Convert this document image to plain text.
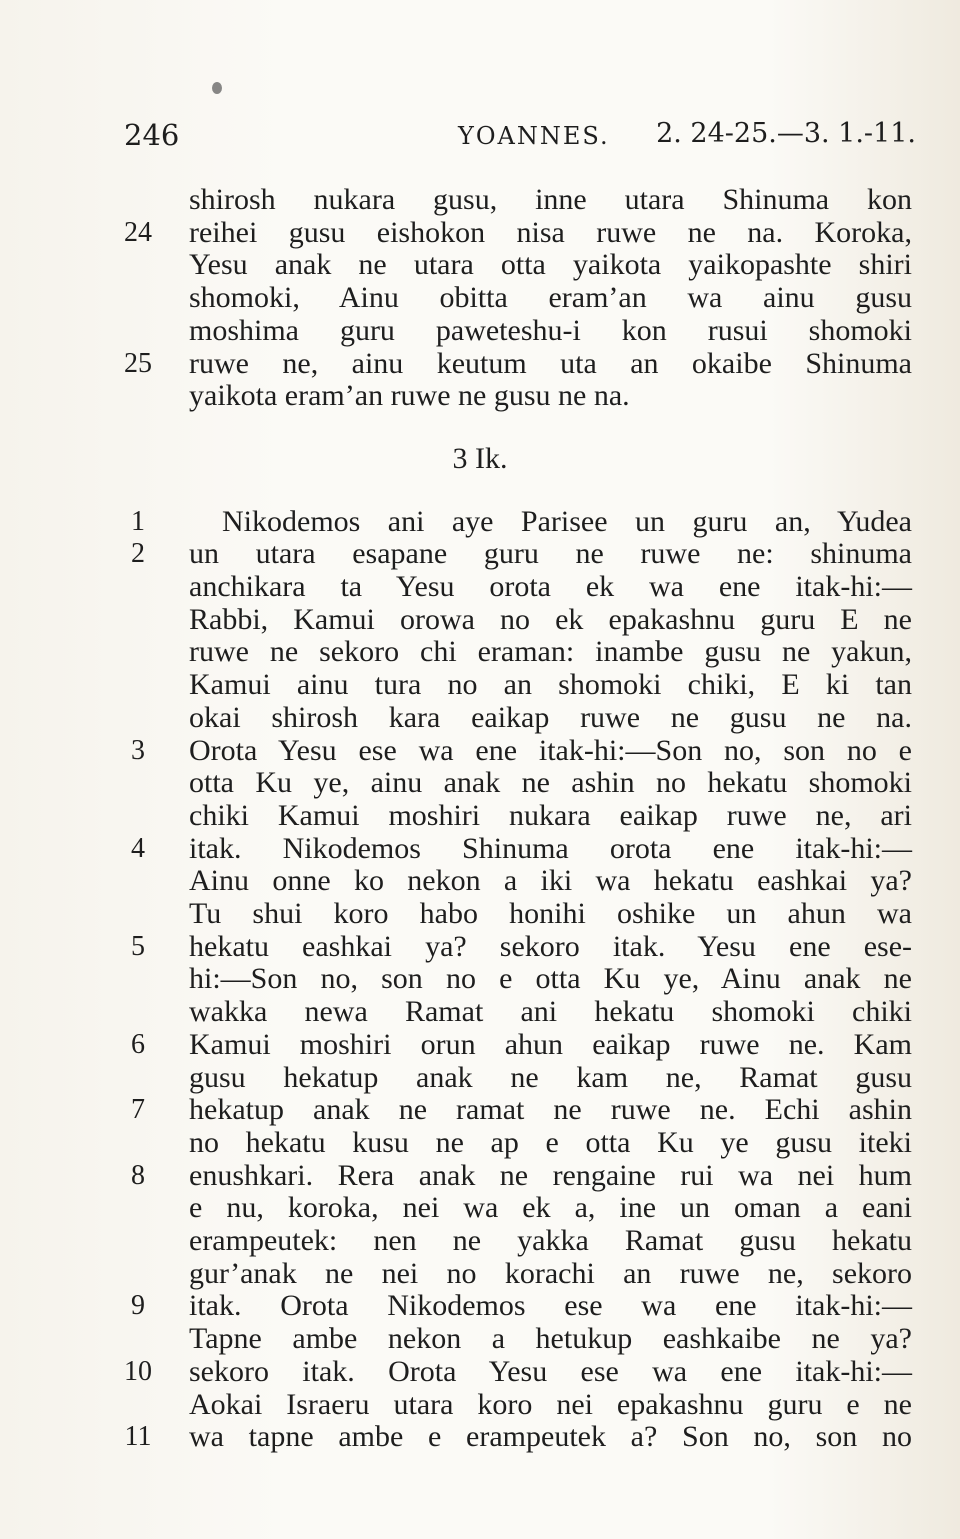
246	YOANNES. 2. 24-25.—3. 1.-11.
shirosh nukara gusu, inne utara Shinuma kon
24 reihei gusu eishokon nisa ruwe ne na. Koroka,
Yesu anak ne utara otta yaikota yaikopashte shiri
shomoki, Ainu obitta eram’an wa ainu gusu
moshima guru paweteshu-i kon rusui shomoki
25 ruwe ne, ainu keutum uta an okaibe Shinuma
yaikota eram’an ruwe ne gusu ne na.
3 Ik.
1	Nikodemos ani aye Parisee un guru an, Yudea
2	un utara esapane guru ne ruwe ne: shinuma
anchikara ta Yesu orota ek wa ene itak-hi:—
Rabbi, Kamui orowa no ek epakashnu guru E ne
ruwe ne sekoro chi eraman: inambe gusu ne yakun,
Kamui ainu tura no an shomoki chiki, E ki tan
okai shirosh kara eaikap ruwe ne gusu ne na.
3	Orota Yesu ese wa ene itak-hi:—Son no, son no e
otta Ku ye, ainu anak ne ashin no hekatu shomoki
chiki Kamui moshiri nukara eaikap ruwe ne, ari
4	itak. Nikodemos Shinuma orota ene itak-hi:—
Ainu onne ko nekon a iki wa hekatu eashkai ya?
Tu shui koro habo honihi oshike un ahun wa
5	hekatu eashkai ya? sekoro itak. Yesu ene ese-
hi:—Son no, son no e otta Ku ye, Ainu anak ne
wakka newa Ramat ani hekatu shomoki chiki
6	Kamui moshiri orun ahun eaikap ruwe ne. Kam
gusu hekatup anak ne kam ne, Ramat gusu
7	hekatup anak ne ramat ne ruwe ne. Echi ashin
no hekatu kusu ne ap e otta Ku ye gusu iteki
8	enushkari. Rera anak ne rengaine rui wa nei hum
e nu, koroka, nei wa ek a, ine un oman a eani
erampeutek: nen ne yakka Ramat gusu hekatu
gur’anak ne nei no korachi an ruwe ne, sekoro
9	itak. Orota Nikodemos ese wa ene itak-hi:—
Tapne ambe nekon a hetukup eashkaibe ne ya?
10 sekoro itak. Orota Yesu ese wa ene itak-hi:—
Aokai Israeru utara koro nei epakashnu guru e ne
11 wa tapne ambe e erampeutek a? Son no, son no
